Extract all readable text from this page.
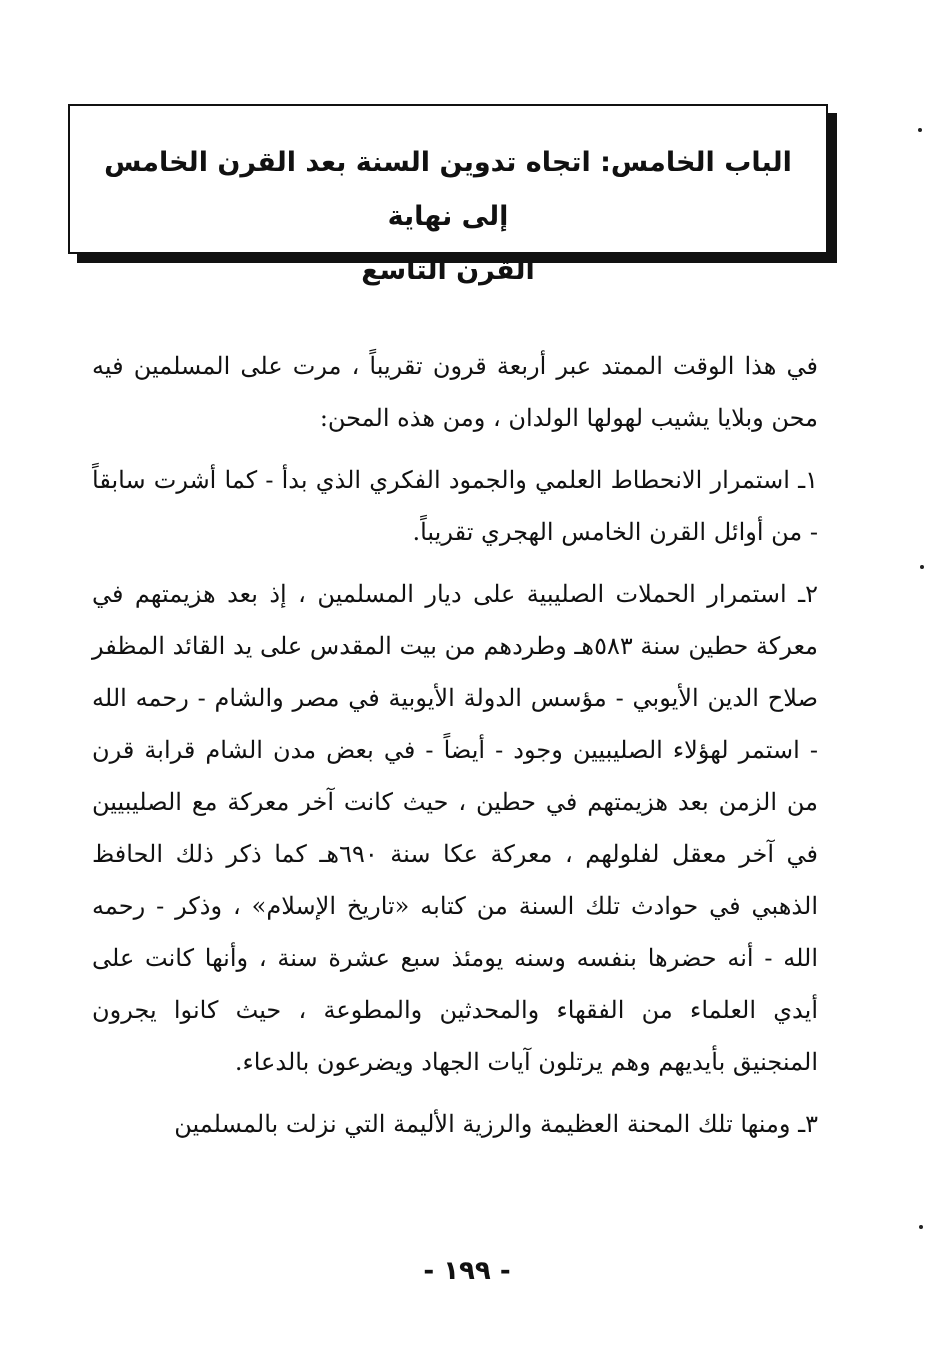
الباب الخامس: اتجاه تدوين السنة بعد القرن الخامس إلى نهاية

القرن التاسع

في هذا الوقت الممتد عبر أربعة قرون تقريباً ، مرت على المسلمين فيه محن وبلايا يشيب لهولها الولدان ، ومن هذه المحن:

١ـ استمرار الانحطاط العلمي والجمود الفكري الذي بدأ - كما أشرت سابقاً - من أوائل القرن الخامس الهجري تقريباً.

٢ـ استمرار الحملات الصليبية على ديار المسلمين ، إذ بعد هزيمتهم في معركة حطين سنة ٥٨٣هـ وطردهم من بيت المقدس على يد القائد المظفر صلاح الدين الأيوبي - مؤسس الدولة الأيوبية في مصر والشام - رحمه الله - استمر لهؤلاء الصليبيين وجود - أيضاً - في بعض مدن الشام قرابة قرن من الزمن بعد هزيمتهم في حطين ، حيث كانت آخر معركة مع الصليبيين في آخر معقل لفلولهم ، معركة عكا سنة ٦٩٠هـ كما ذكر ذلك الحافظ الذهبي في حوادث تلك السنة من كتابه «تاريخ الإسلام» ، وذكر - رحمه الله - أنه حضرها بنفسه وسنه يومئذ سبع عشرة سنة ، وأنها كانت على أيدي العلماء من الفقهاء والمحدثين والمطوعة ، حيث كانوا يجرون المنجنيق بأيديهم وهم يرتلون آيات الجهاد ويضرعون بالدعاء.

٣ـ ومنها تلك المحنة العظيمة والرزية الأليمة التي نزلت بالمسلمين

- ١٩٩ -
